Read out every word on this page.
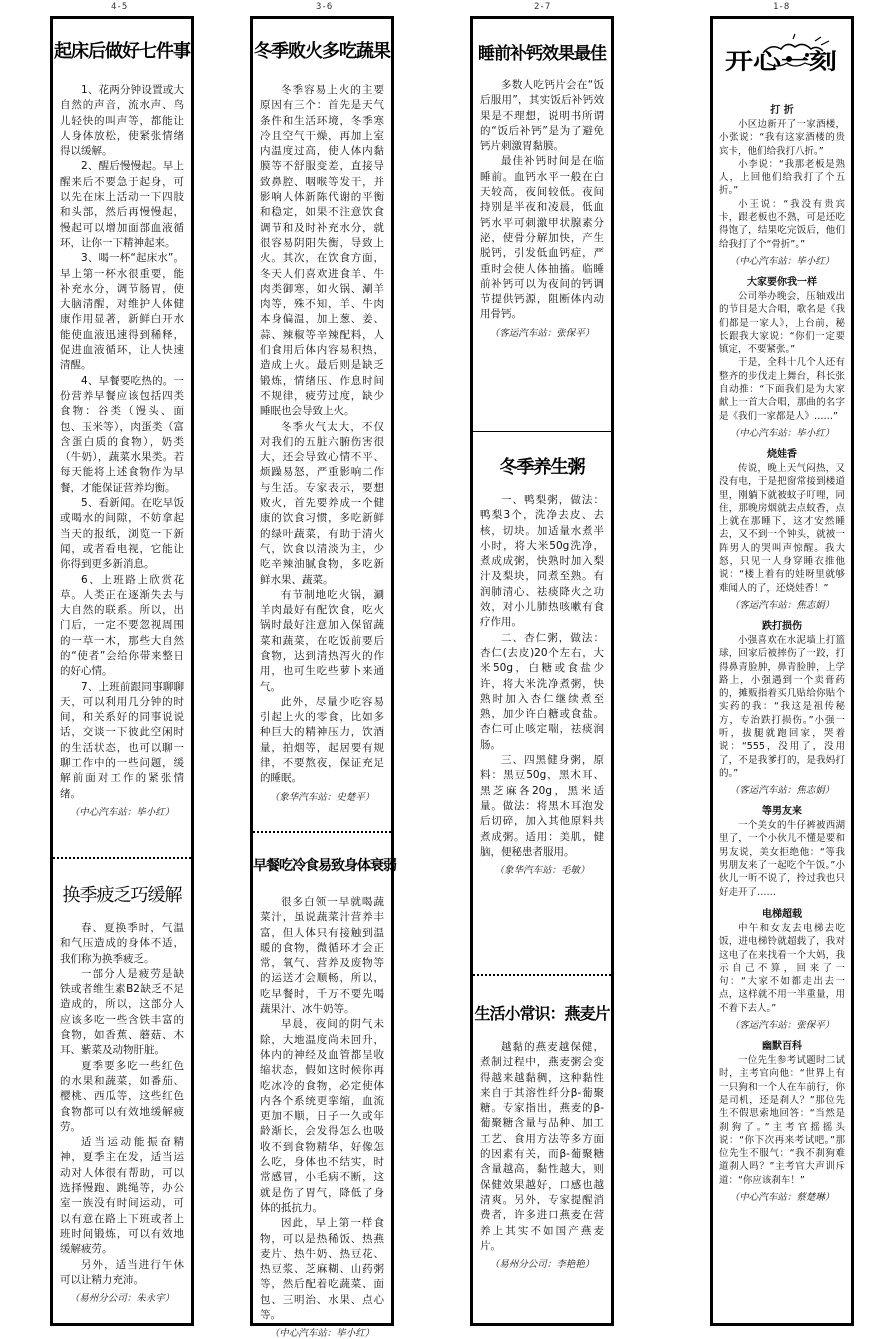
4-5	3-6	2-7	1-8
起床后做好七件事

1、花两分钟设置或大自然的声音，流水声、鸟儿轻快的叫声等，都能让人身体放松，使紧张情绪得以缓解。

2、醒后慢慢起。早上醒来后不要急于起身，可以先在床上活动一下四肢和头部，然后再慢慢起，慢起可以增加面部血液循环，让你一下精神起来。

3、喝一杯“起床水”。早上第一杯水很重要，能补充水分，调节肠胃，使大脑清醒，对维护人体健康作用显著，新鲜白开水能使血液迅速得到稀释，促进血液循环，让人快速清醒。

4、早餐要吃热的。一份营养早餐应该包括四类食物：谷类（馒头、面包、玉米等），肉蛋类（富含蛋白质的食物），奶类（牛奶），蔬菜水果类。若每天能将上述食物作为早餐，才能保证营养均衡。

5、看新闻。在吃早饭或喝水的间隙，不妨拿起当天的报纸，浏览一下新闻，或者看电视，它能让你得到更多新消息。

6、上班路上欣赏花草。人类正在逐渐失去与大自然的联系。所以，出门后，一定不要忽视周围的一草一木，那些大自然的“使者”会给你带来整日的好心情。

7、上班前跟同事聊聊天，可以利用几分钟的时间，和关系好的同事说说话，交谈一下彼此空闲时的生活状态，也可以聊一聊工作中的一些问题，缓解前面对工作的紧张情绪。

（中心汽车站：毕小红）
换季疲乏巧缓解

春、夏换季时，气温和气压造成的身体不适，我们称为换季疲乏。

一部分人是疲劳是缺铁或者维生素B2缺乏不足造成的，所以，这部分人应该多吃一些含铁丰富的食物，如香蕉、蘑菇、木耳、紫菜及动物肝脏。

夏季要多吃一些红色的水果和蔬菜，如番茄、樱桃、西瓜等，这些红色食物都可以有效地缓解疲劳。

适当运动能振奋精神，夏季主在发，适当运动对人体很有帮助，可以选择慢跑、跳绳等，办公室一族没有时间运动，可以有意在路上下班或者上班时间锻炼，可以有效地缓解疲劳。

另外，适当进行午休可以让精力充沛。

（易州分公司：朱永宇）
冬季败火多吃蔬果

冬季容易上火的主要原因有三个：首先是天气条件和生活环境，冬季寒冷且空气干燥，再加上室内温度过高，使人体内黏膜等不舒服变差，直接导致鼻腔、咽喉等发干，并影响人体新陈代谢的平衡和稳定，如果不注意饮食调节和及时补充水分，就很容易阴阳失衡，导致上火。其次，在饮食方面，冬天人们喜欢进食羊、牛肉类御寒，如火锅、涮羊肉等，殊不知，羊、牛肉本身偏温，加上葱、姜、蒜、辣椒等辛辣配料，人们食用后体内容易积热，造成上火。最后则是缺乏锻炼，情绪压、作息时间不规律，疲劳过度，缺少睡眠也会导致上火。

冬季火气太大，不仅对我们的五脏六腑伤害很大，还会导致心情不平、烦躁易怒，严重影响二作与生活。专家表示，要想败火，首先要养成一个健康的饮食习惯，多吃新鲜的绿叶蔬菜，有助于清火气，饮食以清淡为主，少吃辛辣油腻食物，多吃新鲜水果、蔬菜。

有节制地吃火锅，涮羊肉最好有配饮食，吃火锅时最好注意加入保留蔬菜和蔬菜，在吃饭前要后食物，达到清热泻火的作用，也可生吃些萝卜来通气。

此外，尽量少吃容易引起上火的零食，比如多种巨大的精神压力，饮酒量，拍烟等，起居要有规律，不要熬夜，保证充足的睡眠。

（象华汽车站：史楚平）
早餐吃冷食易致身体衰弱

很多白领一早就喝蔬菜汁，虽说蔬菜汁营养丰富，但人体只有接触到温暖的食物，微循环才会正常，氧气、营养及废物等的运送才会顺畅，所以，吃早餐时，千万不要先喝蔬果汁、冰牛奶等。

早晨，夜间的阴气未除，大地温度尚未回升，体内的神经及血管都呈收缩状态，假如这时候你再吃冰冷的食物，必定使体内各个系统更挛缩，血流更加不顺，日子一久或年龄渐长，会发得怎么也吸收不到食物精华，好像怎么吃，身体也不结实，时常感冒，小毛病不断，这就是伤了胃气，降低了身体的抵抗力。

因此，早上第一样食物，可以是热稀饭、热燕麦片、热牛奶、热豆花、热豆浆、芝麻糊、山药粥等，然后配着吃蔬菜、面包、三明治、水果、点心等。

（中心汽车站：毕小红）
睡前补钙效果最佳

多数人吃钙片会在“饭后服用”，其实饭后补钙效果是不理想，说明书所谓的“饭后补钙”是为了避免钙片刺激胃黏膜。

最佳补钙时间是在临睡前。血钙水平一般在白天较高，夜间较低。夜间持别是半夜和凌晨，低血钙水平可刺激甲状腺素分泌，使骨分解加快，产生脱钙，引发低血钙症，严重时会使人体抽搐。临睡前补钙可以为夜间的钙调节提供钙源，阻断体内动用骨钙。

（客运汽车站：张保平）
冬季养生粥

一、鸭梨粥，做法：鸭梨3个，洗净去皮、去核，切块。加适量水煮半小时，将大米50g洗净，煮成成粥，快熟时加入梨汁及梨块，同煮至熟。有润肺清心、祛痰降火之功效，对小儿肺热咳嗽有食疗作用。

二、杏仁粥，做法：杏仁(去皮)20个左右，大米50g，白糖或食盐少许，将大米洗净煮粥，快熟时加入杏仁继续煮至熟，加少许白糖或食盐。杏仁可止咳定喘，祛痰润肠。

三、四黑健身粥，原料：黑豆50g，黑木耳、黑芝麻各20g，黑米适量。做法：将黑木耳泡发后切碎，加入其他原料共煮成粥。适用：美肌，健脑，便秘患者服用。

（象华汽车站：毛敏）
生活小常识：燕麦片

越黏的燕麦越保健，煮制过程中，燕麦粥会变得越来越黏稠，这种黏性来自于其溶性纤分β-葡聚糖。专家指出，燕麦的β-葡聚糖含量与品种、加工工艺、食用方法等多方面的因素有关，而β-葡聚糖含量越高，黏性越大，则保健效果越好，口感也越清爽。另外，专家提醒消费者，许多进口燕麦在营养上其实不如国产燕麦片。

（易州分公司：李艳艳）
开心一刻
打 折

小区边新开了一家酒楼，小张说：“我有这家酒楼的贵宾卡，他们给我打八折。”

小李说：“我那老板是熟人，上回他们给我打了个五折。”

小王说：“我没有贵宾卡，跟老板也不熟，可是还吃得饱了，结果吃完饭后，他们给我打了个“骨折”。”

（中心汽车站：毕小红）
大家要你我一样

公司举办晚会，压轴戏出的节目是大合唱，歌名是《我们都是一家人》，上台前，秘长跟我大家说：“你们一定要镇定，不要紧张。”

于是，全科十几个人还有整齐的步伐走上舞台，科长张自动推：“下面我们是为大家献上一首大合唱，那曲的名字是《我们一家都是人》……”

（中心汽车站：毕小红）
烧娃香

传说，晚上天气闷热，又没有电，于是把窗常接到楼道里，刚躺下就被蚊子叮哩，同住，那晚房烟就去点蚊香，点上就在那睡下，这才安然睡去，又不到一个钟头，就被一阵男人的哭叫声惊醒。我大怒，只见一人身穿睡衣推他说：“楼上着有的娃呀里就够难闻人的了，还烧娃香！”

（客运汽车站：焦志娟）
跌打损伤

小强喜欢在水泥墙上打篮球，回家后被摔伤了一跤，打得鼻青脸肿，鼻青脸肿，上学路上，小强遇到一个卖膏药的，摊贩指着买几贴给你贴个实药的我：“我这是祖传秘方，专治跌打损伤。”小强一听，拔腿就跑回家，哭着说：“555，没用了，没用了，不是我爹打的，是我妈打的。”

（客运汽车站：焦志娟）
等男友来

一个美女的牛仔裤被西湖里了，一个小伙儿不懂是要和男友说，美女拒绝他：“等我男朋友来了一起吃个午饭。”小伙儿一听不说了，拎过我也只好走开了……

电梯超载

中午和女友去电梯去吃饭，进电梯铃就超载了，我对这电了在来找看一个大妈，我示自己不算，回来了一句：“大家不如都走出去一点，这样就不用一半重量，用不着下去人。”

（客运汽车站：张保平）
幽默百科

一位先生参考试题时二试时，主考官向他：“世界上有一只狗和一个人在车前行，你是司机，还是刹人？”那位先生不假思索地回答：“当然是刹狗了。”主考官摇摇头说：“你下次再来考试吧。”那位先生不服气：“我不刹狗难道刹人吗？”主考官大声训斥道：“你应该刹车！”

（中心汽车站：蔡楚琳）
